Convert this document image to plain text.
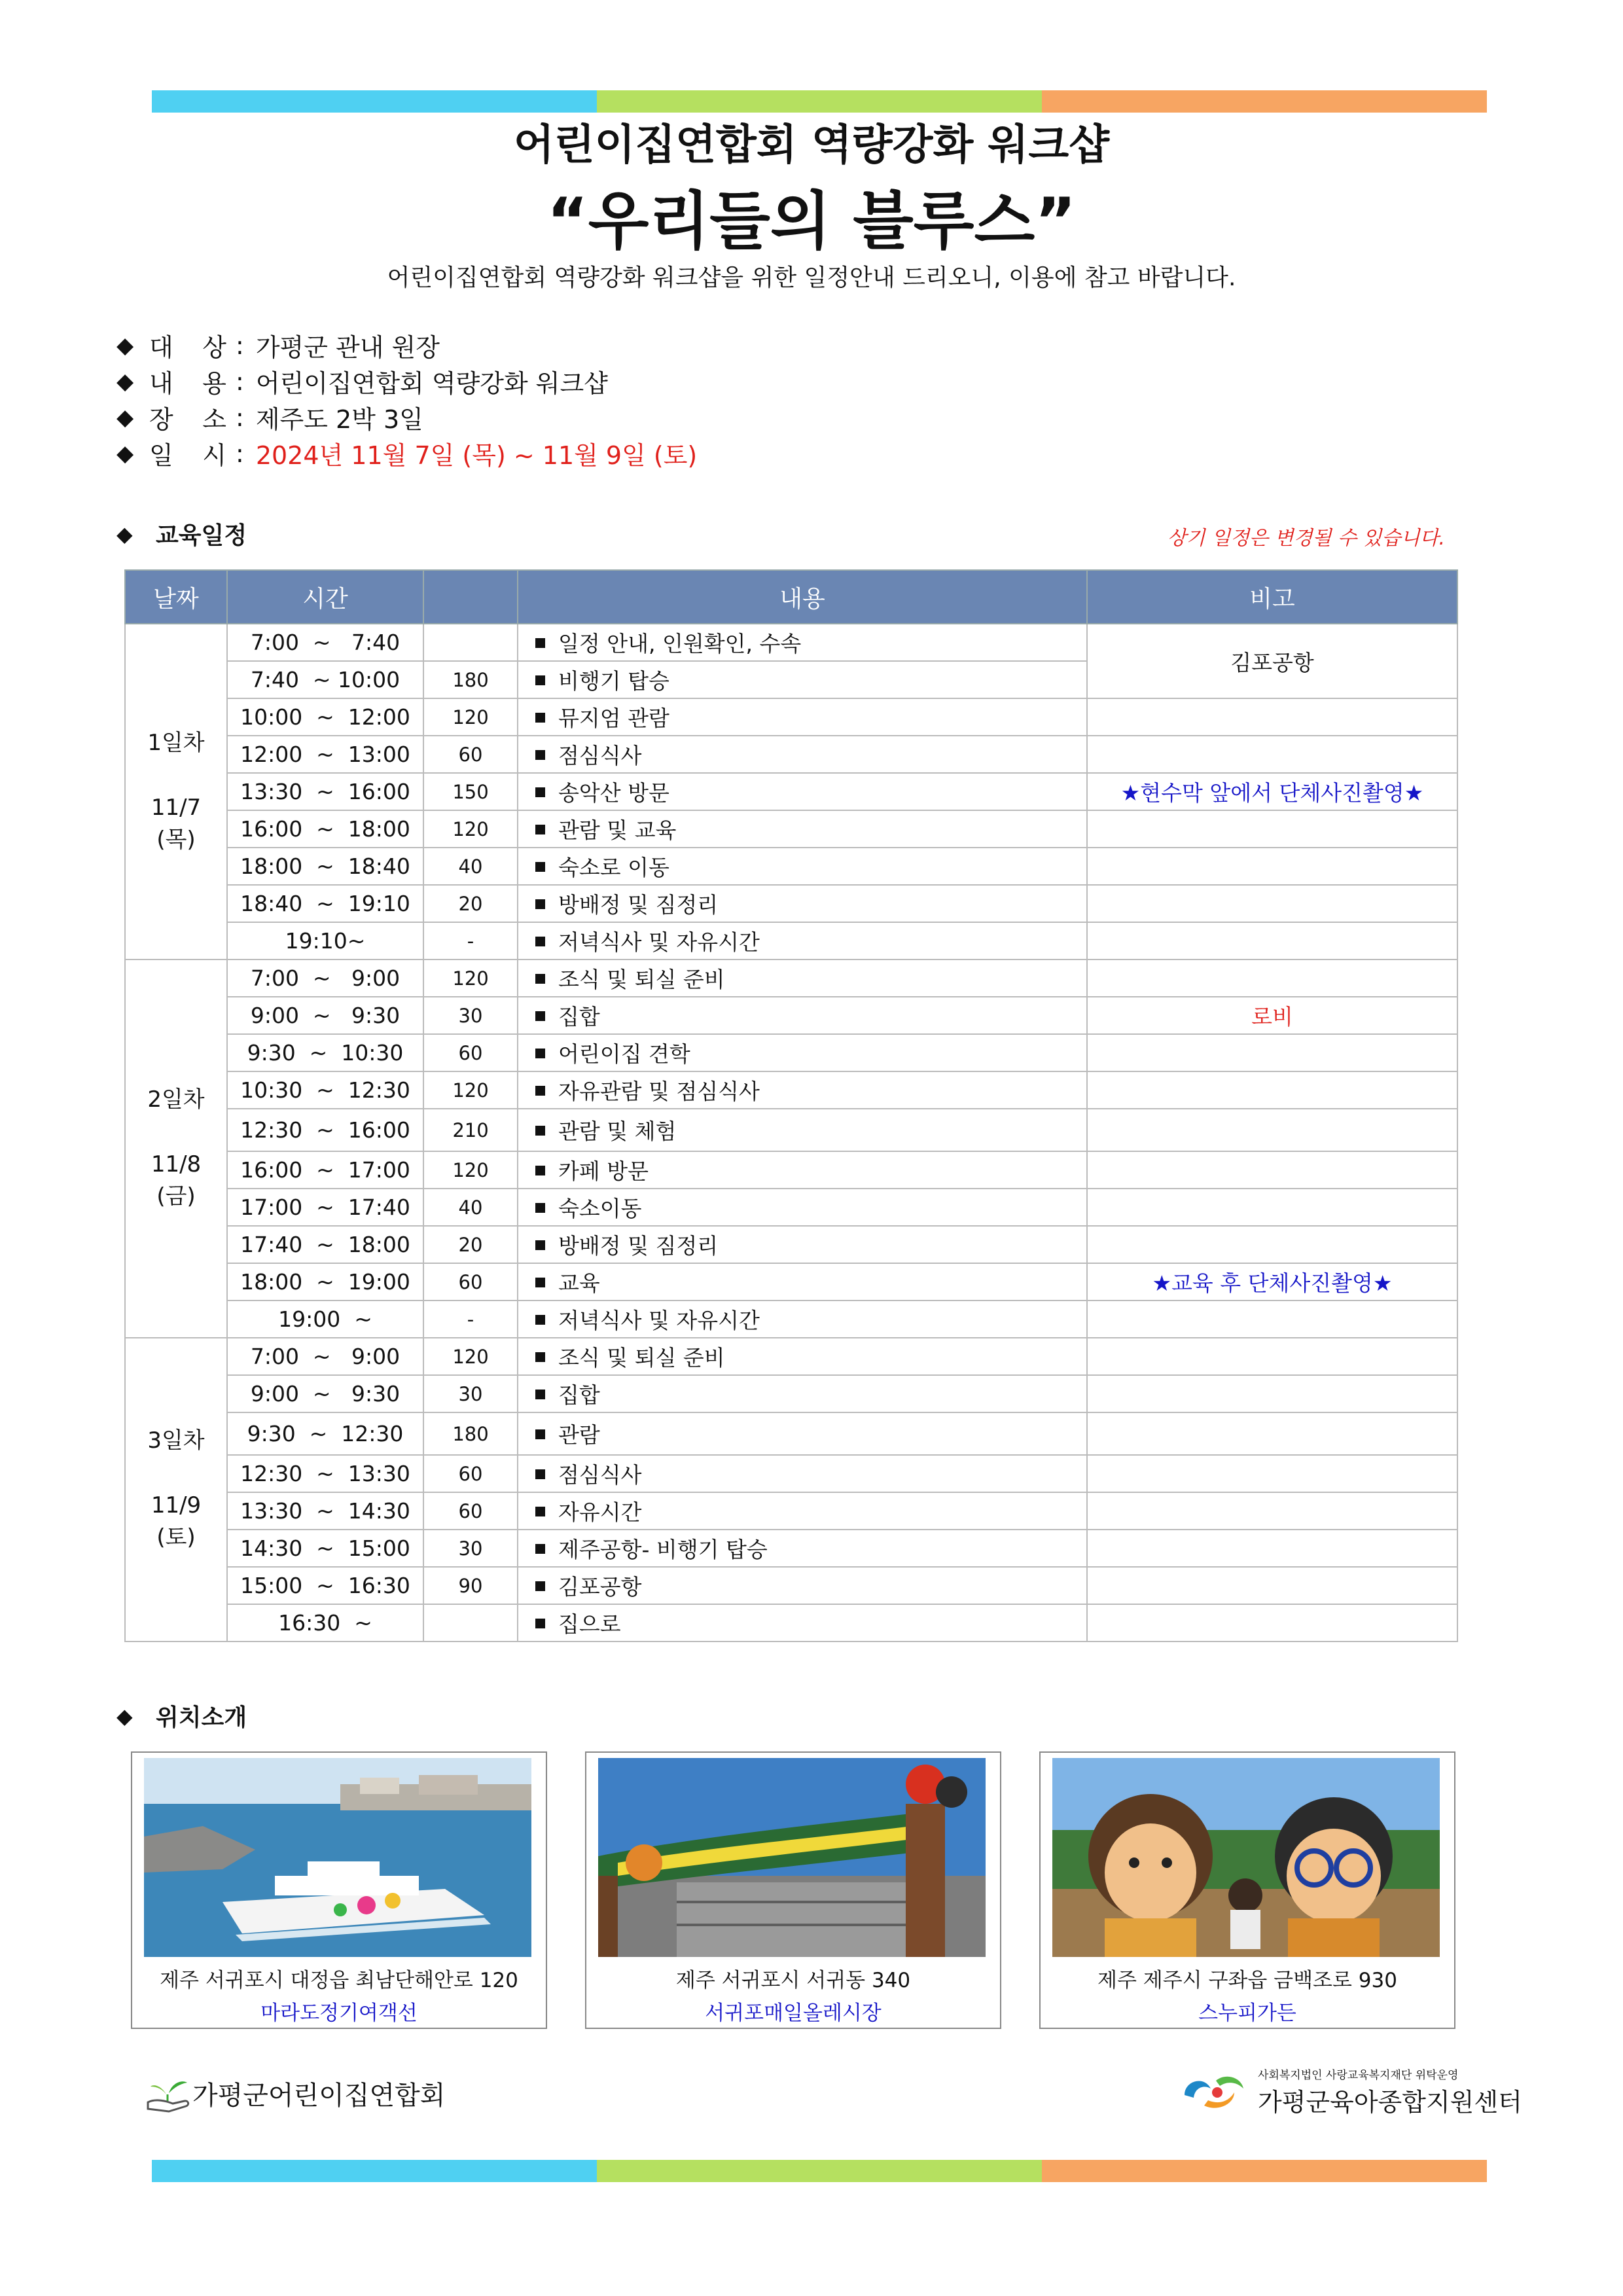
어린이집연합회 역량강화 워크샵
“우리들의 블루스”
어린이집연합회 역량강화 워크샵을 위한 일정안내 드리오니, 이용에 참고 바랍니다.
◆ 대 상 : 가평군 관내 원장
◆ 내 용 : 어린이집연합회 역량강화 워크샵
◆ 장 소 : 제주도 2박 3일
◆ 일 시 : 2024년 11월 7일 (목) ~ 11월 9일 (토)
◆ 교육일정	상기 일정은 변경될 수 있습니다.
날짜	시간		내용	비고

1일차

11/7
(목)	7:00  ~   7:40		일정 안내, 인원확인, 수속	김포공항
	7:40  ~ 10:00	180	비행기 탑승	
	10:00  ~  12:00	120	뮤지엄 관람	
	12:00  ~  13:00	60	점심식사	
	13:30  ~  16:00	150	송악산 방문	★현수막 앞에서 단체사진촬영★
	16:00  ~  18:00	120	관람 및 교육	
	18:00  ~  18:40	40	숙소로 이동	
	18:40  ~  19:10	20	방배정 및 짐정리	
	19:10~	-	저녁식사 및 자유시간	

2일차

11/8
(금)	7:00  ~   9:00	120	조식 및 퇴실 준비	
	9:00  ~   9:30	30	집합	로비
	9:30  ~  10:30	60	어린이집 견학	
	10:30  ~  12:30	120	자유관람 및 점심식사	
	12:30  ~  16:00	210	관람 및 체험	
	16:00  ~  17:00	120	카페 방문	
	17:00  ~  17:40	40	숙소이동	
	17:40  ~  18:00	20	방배정 및 짐정리	
	18:00  ~  19:00	60	교육	★교육 후 단체사진촬영★
	19:00  ~	-	저녁식사 및 자유시간	

3일차

11/9
(토)	7:00  ~   9:00	120	조식 및 퇴실 준비	
	9:00  ~   9:30	30	집합	
	9:30  ~  12:30	180	관람	
	12:30  ~  13:30	60	점심식사	
	13:30  ~  14:30	60	자유시간	
	14:30  ~  15:00	30	제주공항- 비행기 탑승	
	15:00  ~  16:30	90	김포공항	
	16:30  ~		집으로	
◆ 위치소개
제주 서귀포시 대정읍 최남단해안로 120
마라도정기여객선
제주 서귀포시 서귀동 340
서귀포매일올레시장
제주 제주시 구좌읍 금백조로 930
스누피가든
가평군어린이집연합회
사회복지법인 사랑교육복지재단 위탁운영
가평군육아종합지원센터
